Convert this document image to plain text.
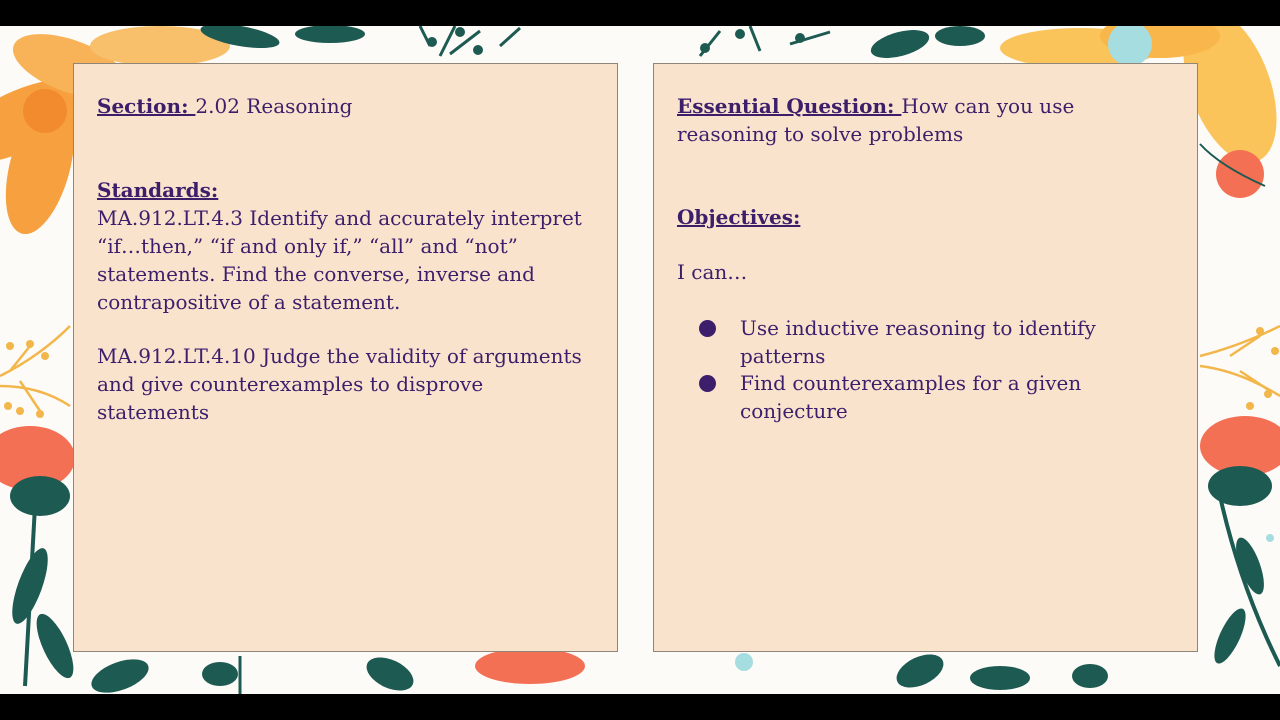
Section: 2.02 Reasoning
Standards:
MA.912.LT.4.3 Identify and accurately interpret “if…then,” “if and only if,” “all” and “not” statements. Find the converse, inverse and contrapositive of a statement.
MA.912.LT.4.10 Judge the validity of arguments and give counterexamples to disprove statements
Essential Question: How can you use reasoning to solve problems
Objectives:
I can…
Use inductive reasoning to identify patterns
Find counterexamples for a given conjecture
